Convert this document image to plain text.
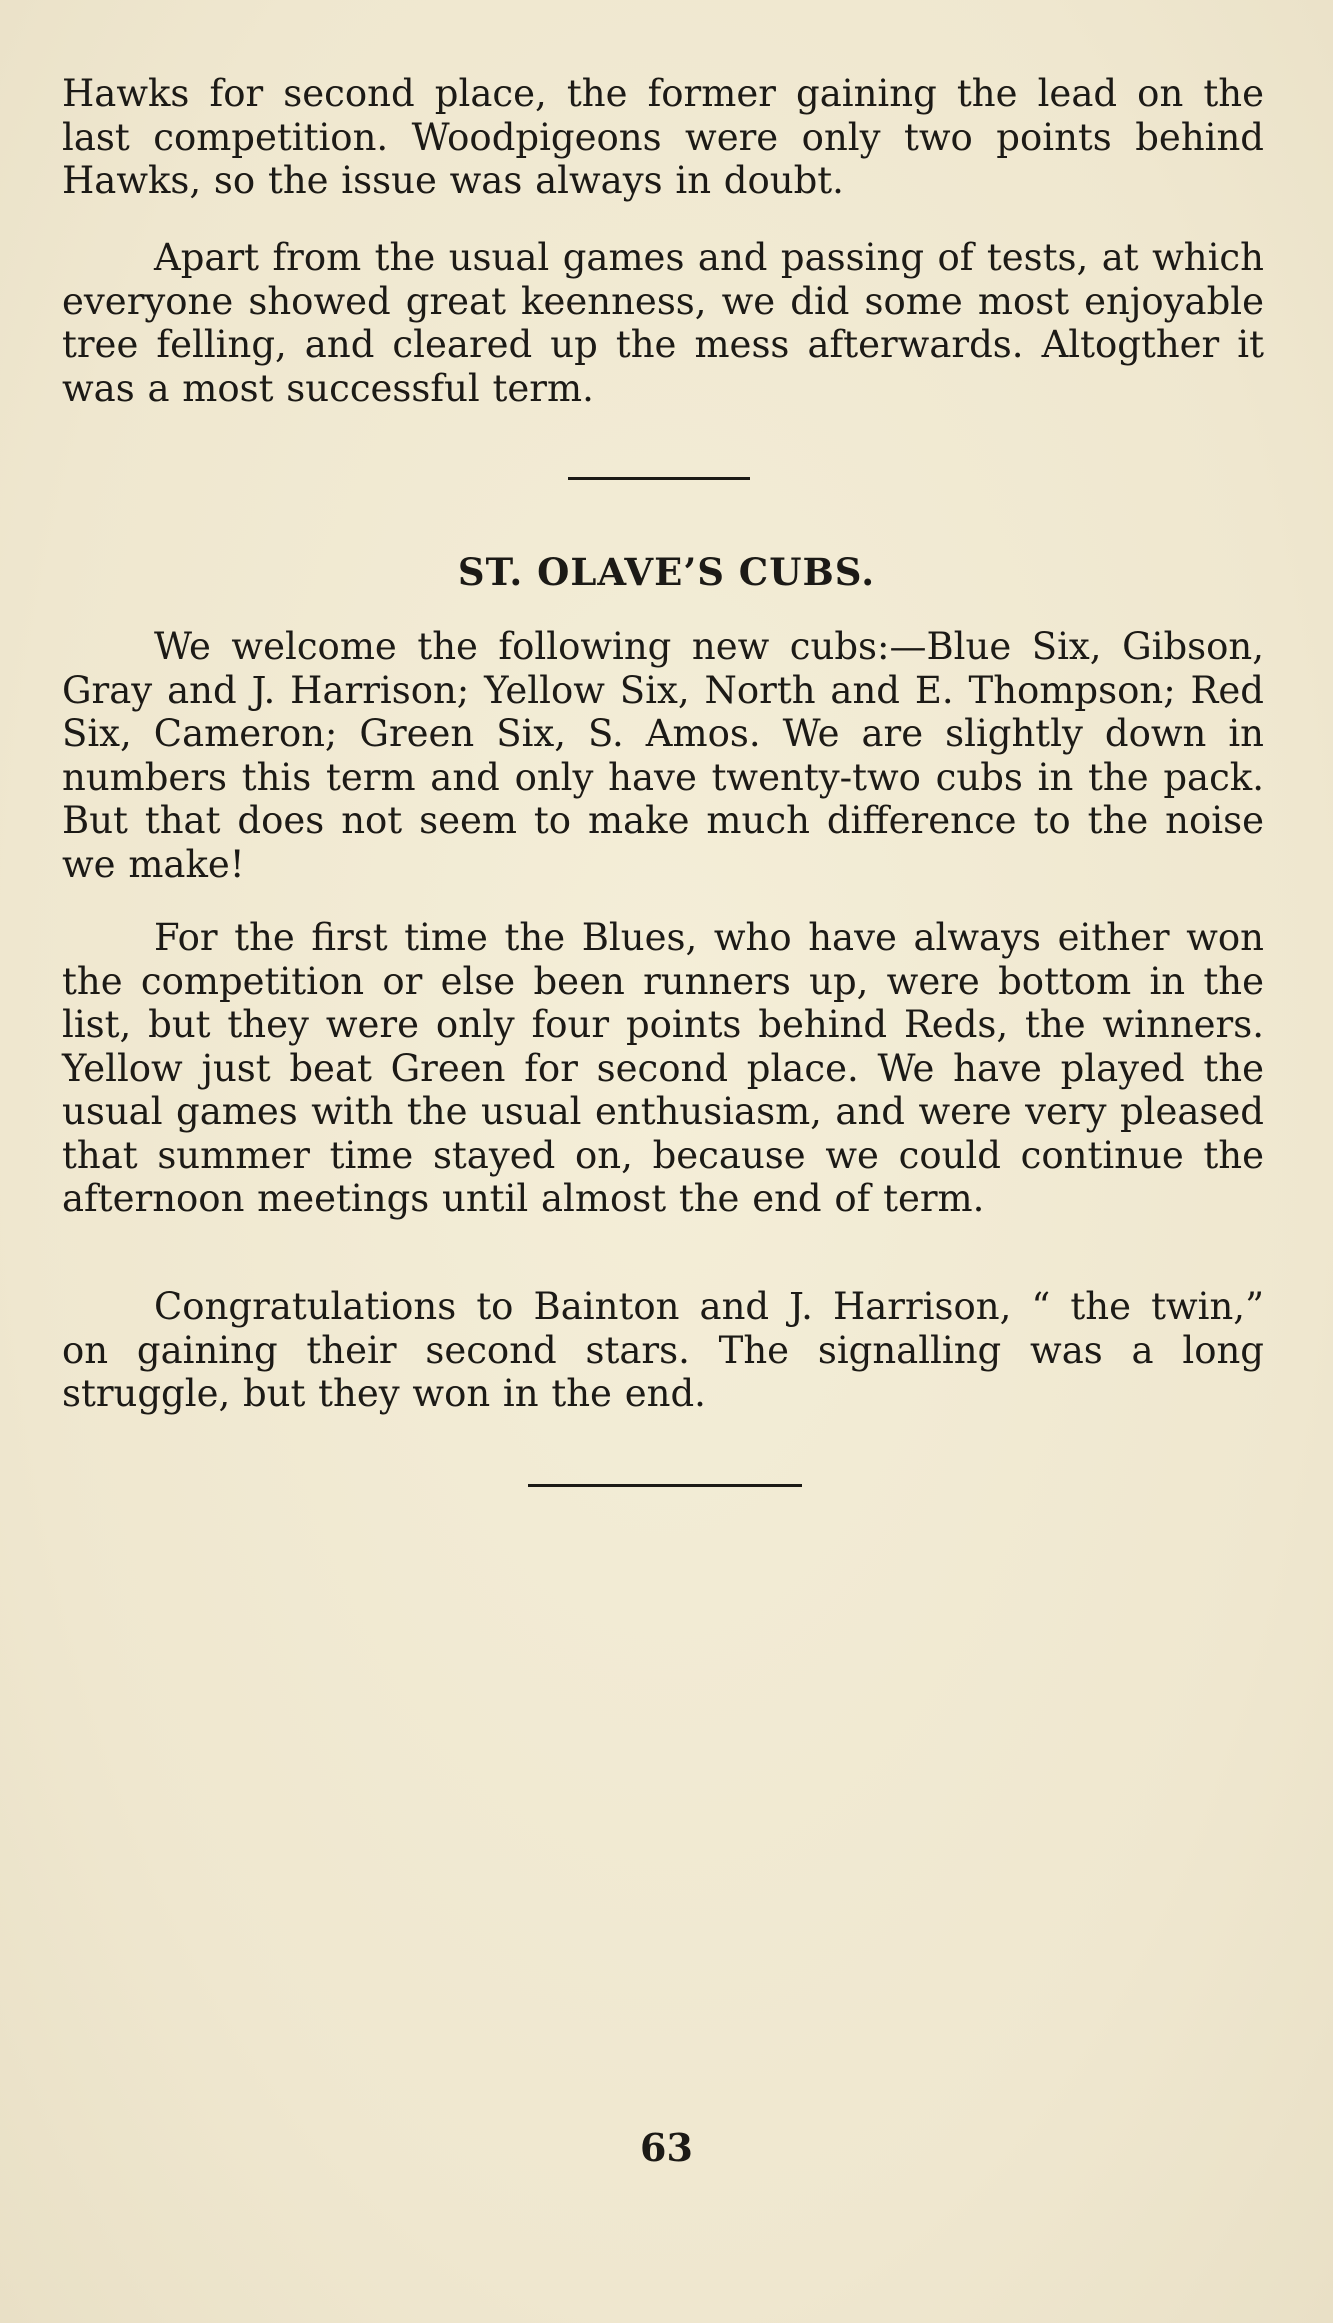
Hawks for second place, the former gaining the lead on the last competition. Woodpigeons were only two points behind Hawks, so the issue was always in doubt.

Apart from the usual games and passing of tests, at which everyone showed great keenness, we did some most enjoyable tree felling, and cleared up the mess afterwards. Altogther it was a most successful term.

ST. OLAVE’S CUBS.

We welcome the following new cubs:—Blue Six, Gibson, Gray and J. Harrison; Yellow Six, North and E. Thompson; Red Six, Cameron; Green Six, S. Amos. We are slightly down in numbers this term and only have twenty-two cubs in the pack. But that does not seem to make much difference to the noise we make!

For the first time the Blues, who have always either won the competition or else been runners up, were bottom in the list, but they were only four points behind Reds, the winners. Yellow just beat Green for second place. We have played the usual games with the usual enthusiasm, and were very pleased that summer time stayed on, because we could continue the afternoon meetings until almost the end of term.

Congratulations to Bainton and J. Harrison, “ the twin,” on gaining their second stars. The signalling was a long struggle, but they won in the end.

63
